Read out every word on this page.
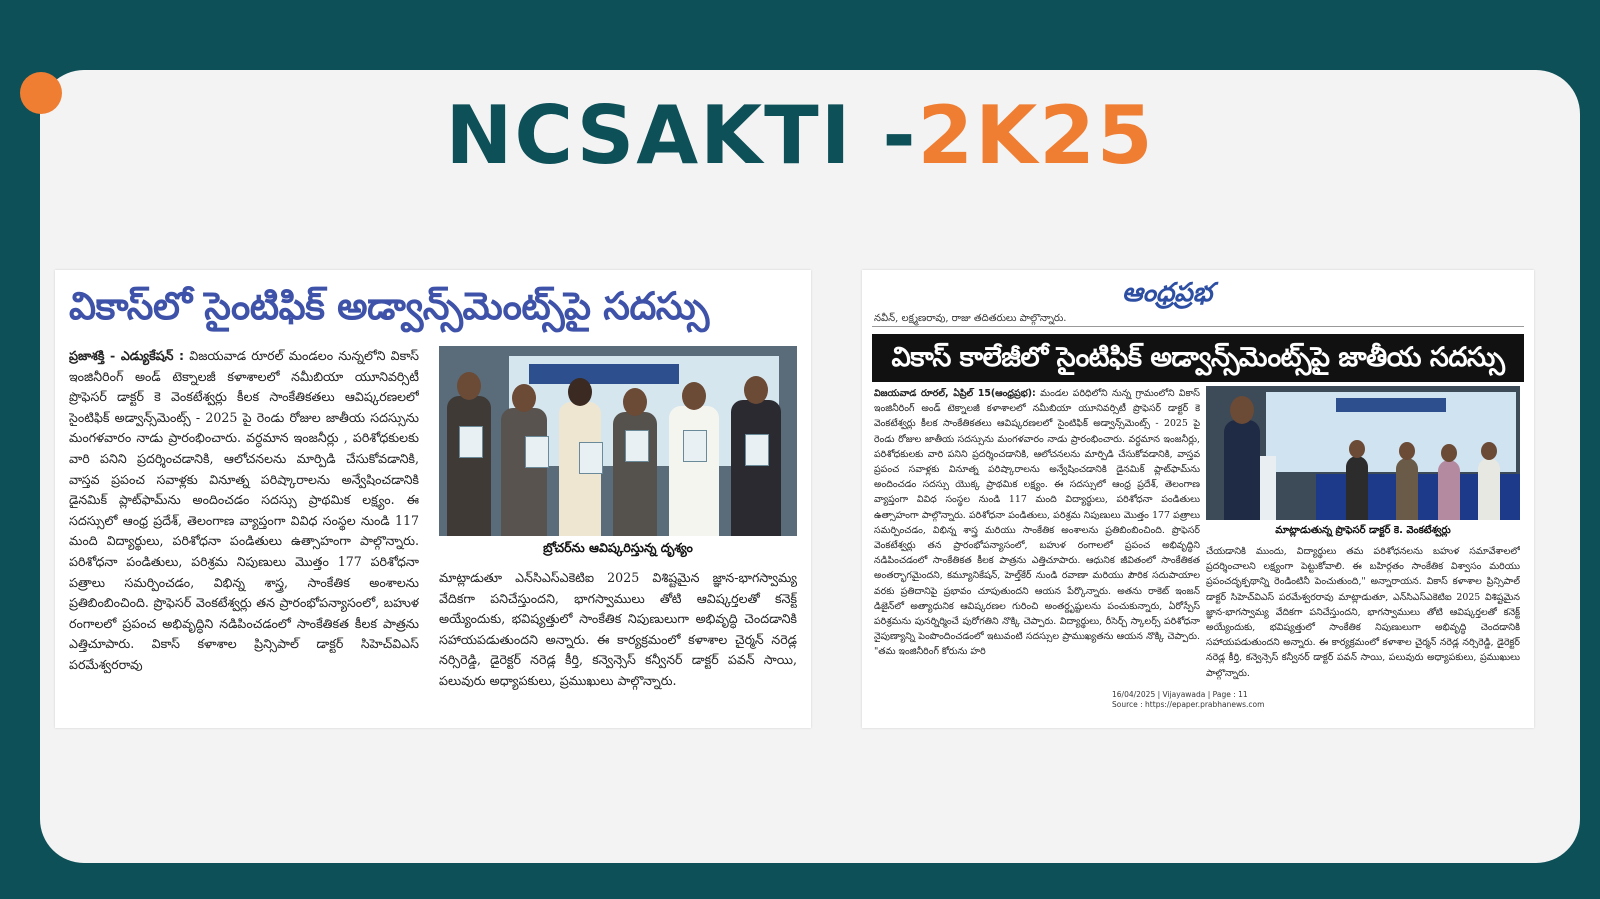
NCSAKTI -2K25
వికాస్‌లో సైంటిఫిక్ అడ్వాన్స్‌మెంట్స్‌పై సదస్సు

ప్రజాశక్తి - ఎడ్యుకేషన్ : విజయవాడ రూరల్ మండలం నున్నలోని వికాస్ ఇంజినీరింగ్ అండ్ టెక్నాలజీ కళాశాలలో నమీబియా యూనివర్సిటీ ప్రొఫెసర్ డాక్టర్ కె వెంకటేశ్వర్లు కీలక సాంకేతికతలు ఆవిష్కరణలలో సైంటిఫిక్ అడ్వాన్స్‌మెంట్స్ - 2025 పై రెండు రోజుల జాతీయ సదస్సును మంగళవారం నాడు ప్రారంభించారు. వర్ధమాన ఇంజనీర్లు , పరిశోధకులకు వారి పనిని ప్రదర్శించడానికి, ఆలోచనలను మార్పిడి చేసుకోవడానికి, వాస్తవ ప్రపంచ సవాళ్లకు వినూత్న పరిష్కారాలను అన్వేషించడానికి డైనమిక్ ప్లాట్‌ఫామ్‌ను అందించడం సదస్సు ప్రాథమిక లక్ష్యం. ఈ సదస్సులో ఆంధ్ర ప్రదేశ్, తెలంగాణ వ్యాప్తంగా వివిధ సంస్థల నుండి 117 మంది విద్యార్థులు, పరిశోధనా పండితులు ఉత్సాహంగా పాల్గొన్నారు. పరిశోధనా పండితులు, పరిశ్రమ నిపుణులు మొత్తం 177 పరిశోధనా పత్రాలు సమర్పించడం, విభిన్న శాస్త్ర, సాంకేతిక అంశాలను ప్రతిబింబించింది. ప్రొఫెసర్ వెంకటేశ్వర్లు తన ప్రారంభోపన్యాసంలో, బహుళ రంగాలలో ప్రపంచ అభివృద్ధిని నడిపించడంలో సాంకేతికత కీలక పాత్రను ఎత్తిచూపారు. వికాస్ కళాశాల ప్రిన్సిపాల్ డాక్టర్ సిహెచ్‌విఎస్ పరమేశ్వరరావు

బ్రోచర్‌ను ఆవిష్కరిస్తున్న దృశ్యం

మాట్లాడుతూ ఎన్‌సిఎస్ఎకెటిఐ 2025 విశిష్టమైన జ్ఞాన-భాగస్వామ్య వేదికగా పనిచేస్తుందని, భాగస్వాములు తోటి ఆవిష్కర్తలతో కనెక్ట్ అయ్యేందుకు, భవిష్యత్తులో సాంకేతిక నిపుణులుగా అభివృద్ధి చెందడానికి సహాయపడుతుందని అన్నారు. ఈ కార్యక్రమంలో కళాశాల చైర్మన్ నరెడ్ల నర్సిరెడ్డి, డైరెక్టర్ నరెడ్ల కీర్తి, కన్వెన్సెస్ కన్వీనర్ డాక్టర్ పవన్ సాయి, పలువురు అధ్యాపకులు, ప్రముఖులు పాల్గొన్నారు.

ఆంధ్రప్రభ
నవీన్, లక్ష్మణరావు, రాజు తదితరులు పాల్గొన్నారు.
వికాస్ కాలేజీలో సైంటిఫిక్ అడ్వాన్స్‌మెంట్స్‌పై జాతీయ సదస్సు

విజయవాడ రూరల్, ఏప్రిల్ 15(ఆంధ్రప్రభ): మండల పరిధిలోని నున్న గ్రామంలోని వికాస్ ఇంజినీరింగ్ అండ్ టెక్నాలజీ కళాశాలలో నమీబియా యూనివర్సిటీ ప్రొఫెసర్ డాక్టర్ కె వెంకటేశ్వర్లు కీలక సాంకేతికతలు ఆవిష్కరణలలో సైంటిఫిక్ అడ్వాన్స్‌మెంట్స్ - 2025 పై రెండు రోజుల జాతీయ సదస్సును మంగళవారం నాడు ప్రారంభించారు. వర్ధమాన ఇంజనీర్లు, పరిశోధకులకు వారి పనిని ప్రదర్శించడానికి, ఆలోచనలను మార్పిడి చేసుకోవడానికి, వాస్తవ ప్రపంచ సవాళ్లకు వినూత్న పరిష్కారాలను అన్వేషించడానికి డైనమిక్ ప్లాట్‌ఫామ్‌ను అందించడం సదస్సు యొక్క ప్రాథమిక లక్ష్యం. ఈ సదస్సులో ఆంధ్ర ప్రదేశ్, తెలంగాణ వ్యాప్తంగా వివిధ సంస్థల నుండి 117 మంది విద్యార్థులు, పరిశోధనా పండితులు ఉత్సాహంగా పాల్గొన్నారు. పరిశోధనా పండితులు, పరిశ్రమ నిపుణులు మొత్తం 177 పత్రాలు సమర్పించడం, విభిన్న శాస్త్ర మరియు సాంకేతిక అంశాలను ప్రతిబింబించింది. ప్రొఫెసర్ వెంకటేశ్వర్లు తన ప్రారంభోపన్యాసంలో, బహుళ రంగాలలో ప్రపంచ అభివృద్ధిని నడిపించడంలో సాంకేతికత కీలక పాత్రను ఎత్తిచూపారు. ఆధునిక జీవితంలో సాంకేతికత అంతర్భాగమైందని, కమ్యూనికేషన్, హెల్త్‌కేర్ నుండి రవాణా మరియు పౌరిక సదుపాయాల వరకు ప్రతిదానిపై ప్రభావం చూపుతుందని ఆయన పేర్కొన్నారు. అతను రాకెట్ ఇంజన్ డిజైన్‌లో అత్యాధునిక ఆవిష్కరణల గురించి అంతర్దృష్టులను పంచుకున్నారు, ఏరోస్పేస్ పరిశ్రమను పునర్నిర్మించే పురోగతిని నొక్కి చెప్పారు. విద్యార్థులు, రీసెర్చ్ స్కాలర్స్ పరిశోధనా నైపుణ్యాన్ని పెంపొందించడంలో ఇటువంటి సదస్సుల ప్రాముఖ్యతను ఆయన నొక్కి చెప్పారు. "తమ ఇంజినీరింగ్ కోరును హరి

మాట్లాడుతున్న ప్రొఫెసర్ డాక్టర్ కె. వెంకటేశ్వర్లు

చేయడానికి ముందు, విద్యార్థులు తమ పరిశోధనలను బహుళ సమావేశాలలో ప్రదర్శించాలని లక్ష్యంగా పెట్టుకోవాలి. ఈ బహిర్గతం సాంకేతిక విశ్వాసం మరియు ప్రపంచదృక్పథాన్ని రెండింటినీ పెంచుతుంది," అన్నారాయన. వికాస్ కళాశాల ప్రిన్సిపాల్ డాక్టర్ సిహెచ్‌విఎస్ పరమేశ్వరరావు మాట్లాడుతూ, ఎన్‌సిఎస్ఎకెటిఐ 2025 విశిష్టమైన జ్ఞాన-భాగస్వామ్య వేదికగా పనిచేస్తుందని, భాగస్వాములు తోటి ఆవిష్కర్తలతో కనెక్ట్ అయ్యేందుకు, భవిష్యత్తులో సాంకేతిక నిపుణులుగా అభివృద్ధి చెందడానికి సహాయపడుతుందని అన్నారు. ఈ కార్యక్రమంలో కళాశాల చైర్మన్ నరెడ్ల నర్సిరెడ్డి, డైరెక్టర్ నరెడ్ల కీర్తి, కన్వెన్సెస్ కన్వీనర్ డాక్టర్ పవన్ సాయి, పలువురు అధ్యాపకులు, ప్రముఖులు పాల్గొన్నారు.

16/04/2025 | Vijayawada | Page : 11
Source : https://epaper.prabhanews.com
